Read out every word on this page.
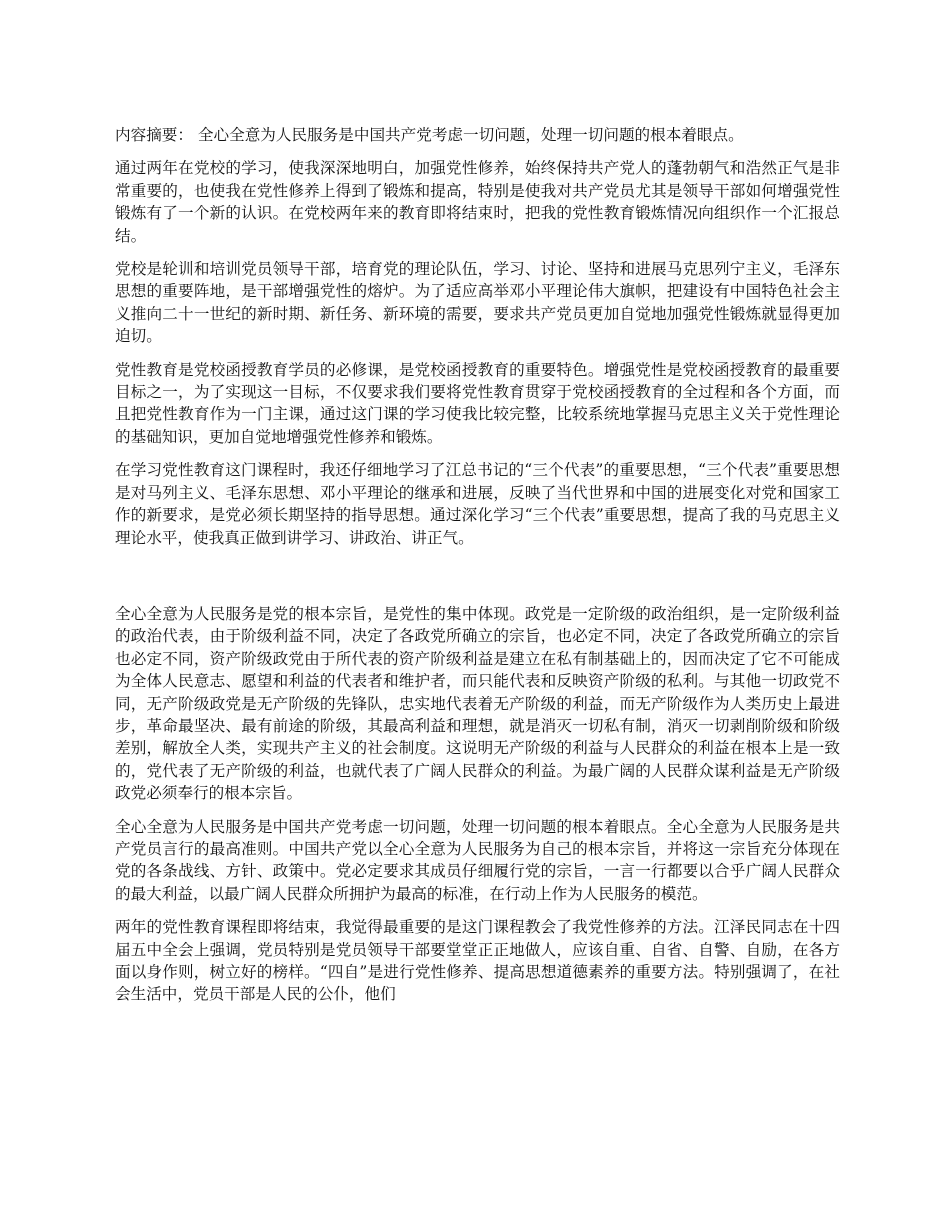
内容摘要： 全心全意为人民服务是中国共产党考虑一切问题，处理一切问题的根本着眼点。

通过两年在党校的学习，使我深深地明白，加强党性修养，始终保持共产党人的蓬勃朝气和浩然正气是非常重要的，也使我在党性修养上得到了锻炼和提高，特别是使我对共产党员尤其是领导干部如何增强党性锻炼有了一个新的认识。在党校两年来的教育即将结束时，把我的党性教育锻炼情况向组织作一个汇报总结。

党校是轮训和培训党员领导干部，培育党的理论队伍，学习、讨论、坚持和进展马克思列宁主义，毛泽东思想的重要阵地，是干部增强党性的熔炉。为了适应高举邓小平理论伟大旗帜，把建设有中国特色社会主义推向二十一世纪的新时期、新任务、新环境的需要，要求共产党员更加自觉地加强党性锻炼就显得更加迫切。

党性教育是党校函授教育学员的必修课，是党校函授教育的重要特色。增强党性是党校函授教育的最重要目标之一，为了实现这一目标，不仅要求我们要将党性教育贯穿于党校函授教育的全过程和各个方面，而且把党性教育作为一门主课，通过这门课的学习使我比较完整，比较系统地掌握马克思主义关于党性理论的基础知识，更加自觉地增强党性修养和锻炼。

在学习党性教育这门课程时，我还仔细地学习了江总书记的“三个代表”的重要思想，“三个代表”重要思想是对马列主义、毛泽东思想、邓小平理论的继承和进展，反映了当代世界和中国的进展变化对党和国家工作的新要求，是党必须长期坚持的指导思想。通过深化学习“三个代表”重要思想，提高了我的马克思主义理论水平，使我真正做到讲学习、讲政治、讲正气。

全心全意为人民服务是党的根本宗旨，是党性的集中体现。政党是一定阶级的政治组织，是一定阶级利益的政治代表，由于阶级利益不同，决定了各政党所确立的宗旨，也必定不同，决定了各政党所确立的宗旨也必定不同，资产阶级政党由于所代表的资产阶级利益是建立在私有制基础上的，因而决定了它不可能成为全体人民意志、愿望和利益的代表者和维护者，而只能代表和反映资产阶级的私利。与其他一切政党不同，无产阶级政党是无产阶级的先锋队，忠实地代表着无产阶级的利益，而无产阶级作为人类历史上最进步，革命最坚决、最有前途的阶级，其最高利益和理想，就是消灭一切私有制，消灭一切剥削阶级和阶级差别，解放全人类，实现共产主义的社会制度。这说明无产阶级的利益与人民群众的利益在根本上是一致的，党代表了无产阶级的利益，也就代表了广阔人民群众的利益。为最广阔的人民群众谋利益是无产阶级政党必须奉行的根本宗旨。

全心全意为人民服务是中国共产党考虑一切问题，处理一切问题的根本着眼点。全心全意为人民服务是共产党员言行的最高准则。中国共产党以全心全意为人民服务为自己的根本宗旨，并将这一宗旨充分体现在党的各条战线、方针、政策中。党必定要求其成员仔细履行党的宗旨，一言一行都要以合乎广阔人民群众的最大利益，以最广阔人民群众所拥护为最高的标准，在行动上作为人民服务的模范。

两年的党性教育课程即将结束，我觉得最重要的是这门课程教会了我党性修养的方法。江泽民同志在十四届五中全会上强调，党员特别是党员领导干部要堂堂正正地做人，应该自重、自省、自警、自励，在各方面以身作则，树立好的榜样。“四自”是进行党性修养、提高思想道德素养的重要方法。特别强调了，在社会生活中，党员干部是人民的公仆，他们
